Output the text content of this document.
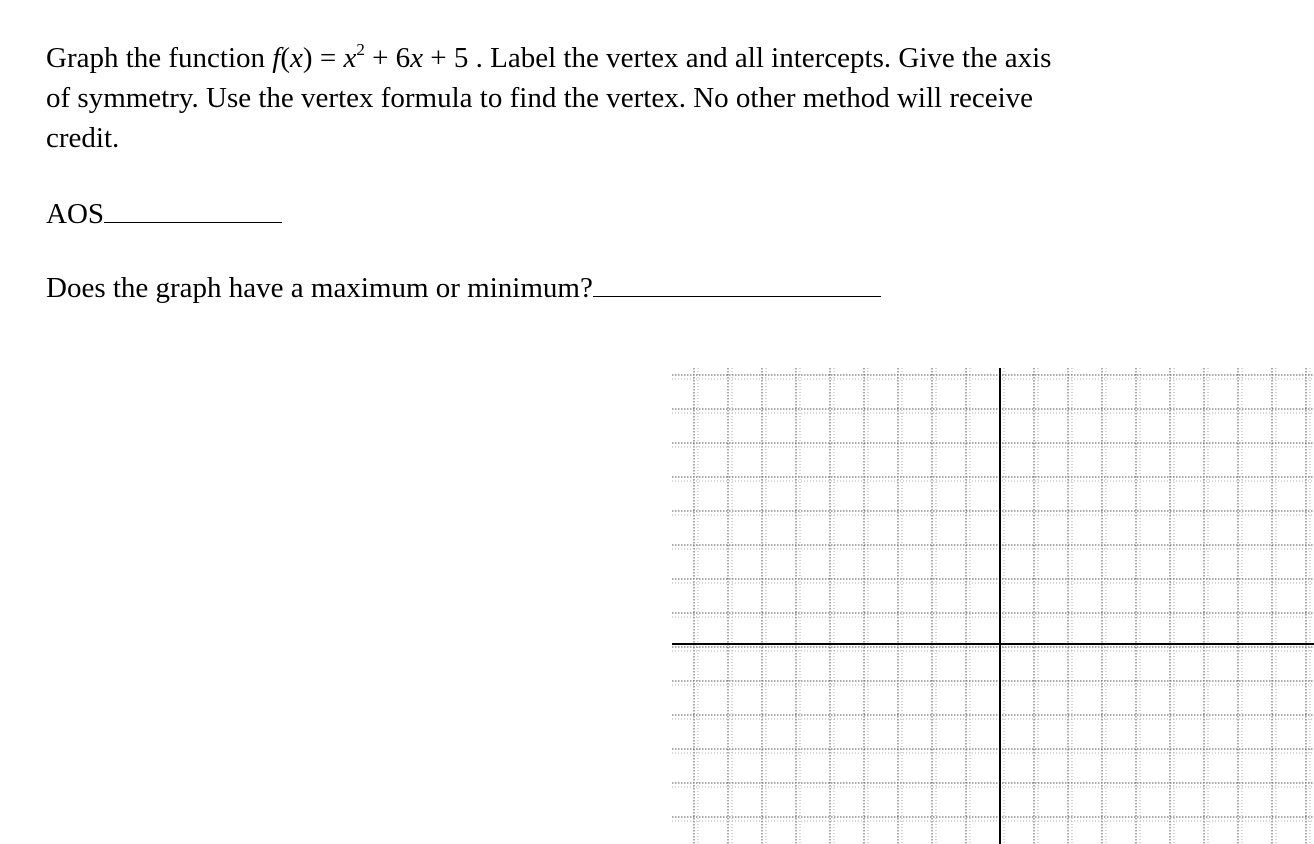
Graph the function $f(x) = x^2 + 6x + 5$ . Label the vertex and all intercepts. Give the axis

of symmetry. Use the vertex formula to find the vertex. No other method will receive

credit.

AOS
Does the graph have a maximum or minimum?
